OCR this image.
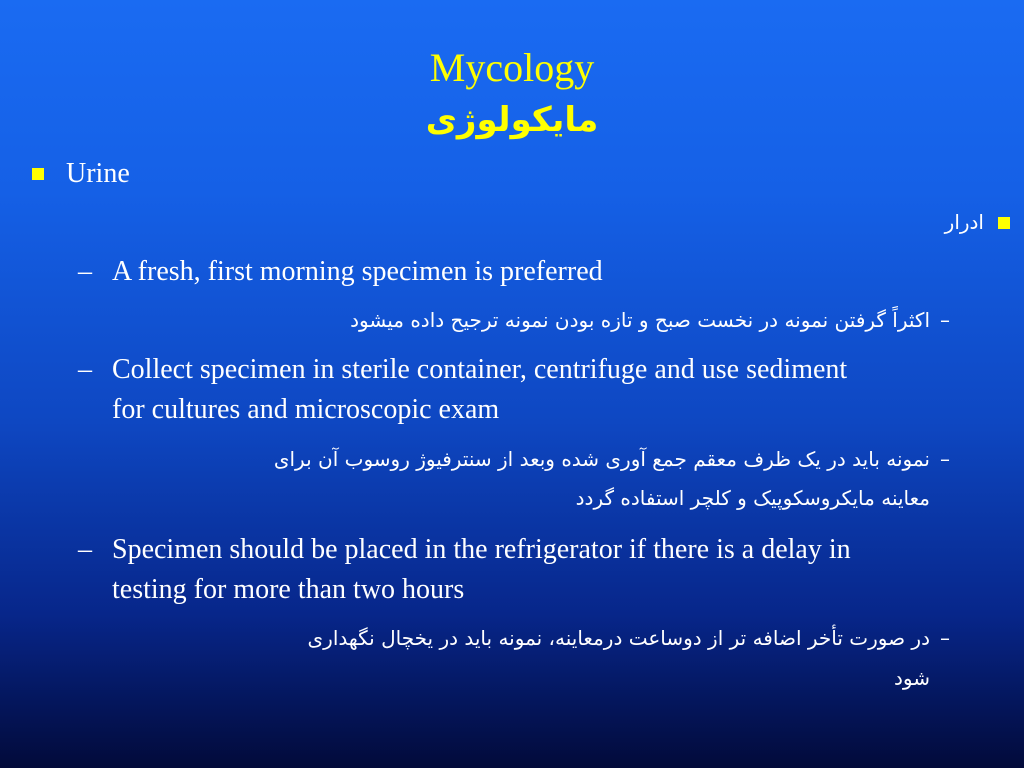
Mycology
مایکولوژی

Urine

ادرار

– A fresh, first morning specimen is preferred

–

اکثراً گرفتن نمونه در نخست صبح و تازه بودن نمونه ترجیح داده میشود

– Collect specimen in sterile container, centrifuge and use sediment

for cultures and microscopic exam

–

نمونه باید در یک ظرف معقم جمع آوری شده وبعد از سنترفیوژ روسوب آن برای

معاینه مایکروسکوپیک و کلچر استفاده گردد

– Specimen should be placed in the refrigerator if there is a delay in

testing for more than two hours

–

در صورت تأخر اضافه تر از دوساعت درمعاینه، نمونه باید در یخچال نگهداری

شود
